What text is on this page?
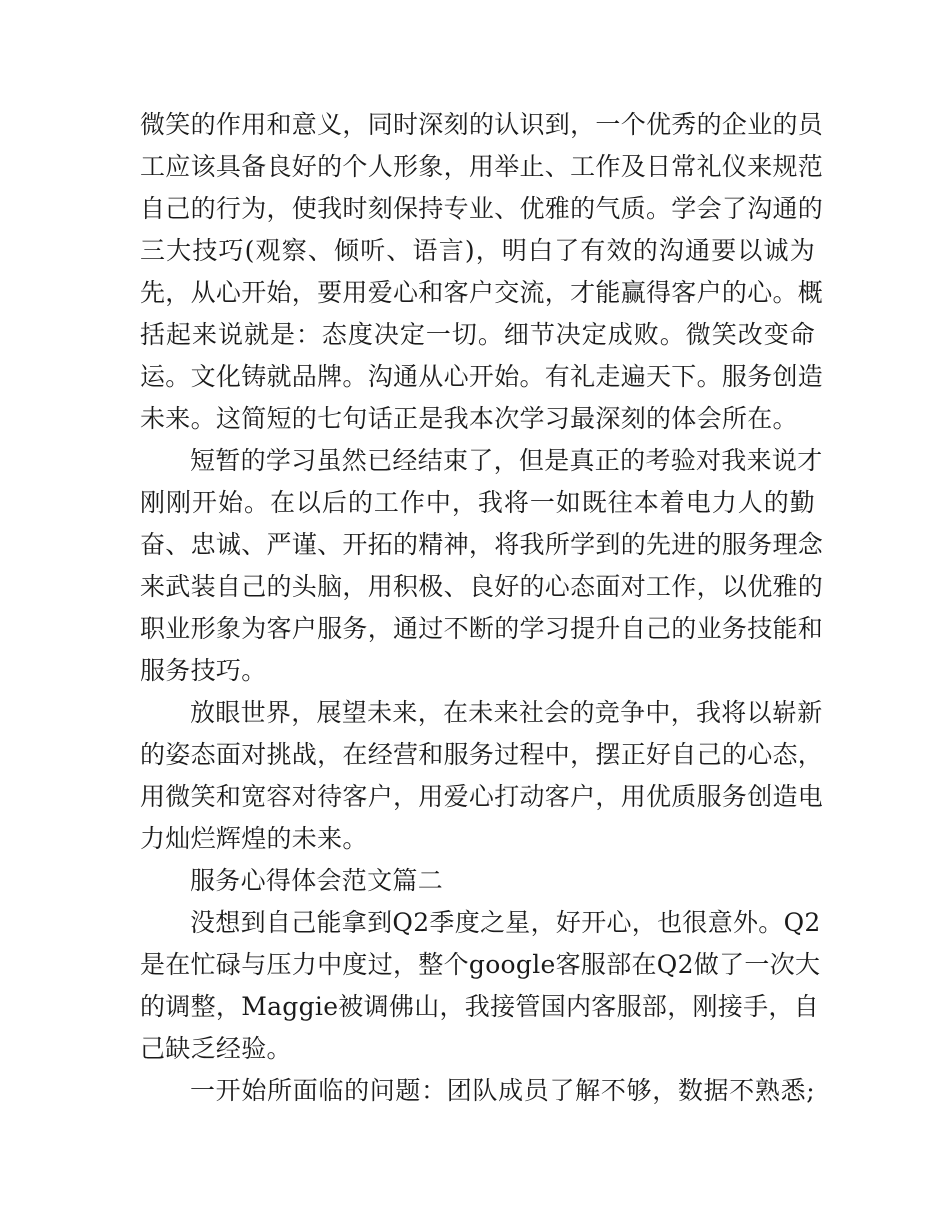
微笑的作用和意义，同时深刻的认识到，一个优秀的企业的员
工应该具备良好的个人形象，用举止、工作及日常礼仪来规范
自己的行为，使我时刻保持专业、优雅的气质。学会了沟通的
三大技巧(观察、倾听、语言)，明白了有效的沟通要以诚为
先，从心开始，要用爱心和客户交流，才能赢得客户的心。概
括起来说就是：态度决定一切。细节决定成败。微笑改变命
运。文化铸就品牌。沟通从心开始。有礼走遍天下。服务创造
未来。这简短的七句话正是我本次学习最深刻的体会所在。
短暂的学习虽然已经结束了，但是真正的考验对我来说才
刚刚开始。在以后的工作中，我将一如既往本着电力人的勤
奋、忠诚、严谨、开拓的精神，将我所学到的先进的服务理念
来武装自己的头脑，用积极、良好的心态面对工作，以优雅的
职业形象为客户服务，通过不断的学习提升自己的业务技能和
服务技巧。
放眼世界，展望未来，在未来社会的竞争中，我将以崭新
的姿态面对挑战，在经营和服务过程中，摆正好自己的心态，
用微笑和宽容对待客户，用爱心打动客户，用优质服务创造电
力灿烂辉煌的未来。
服务心得体会范文篇二
没想到自己能拿到Q2季度之星，好开心，也很意外。Q2
是在忙碌与压力中度过，整个google客服部在Q2做了一次大
的调整，Maggie被调佛山，我接管国内客服部，刚接手，自
己缺乏经验。
一开始所面临的问题：团队成员了解不够，数据不熟悉;
